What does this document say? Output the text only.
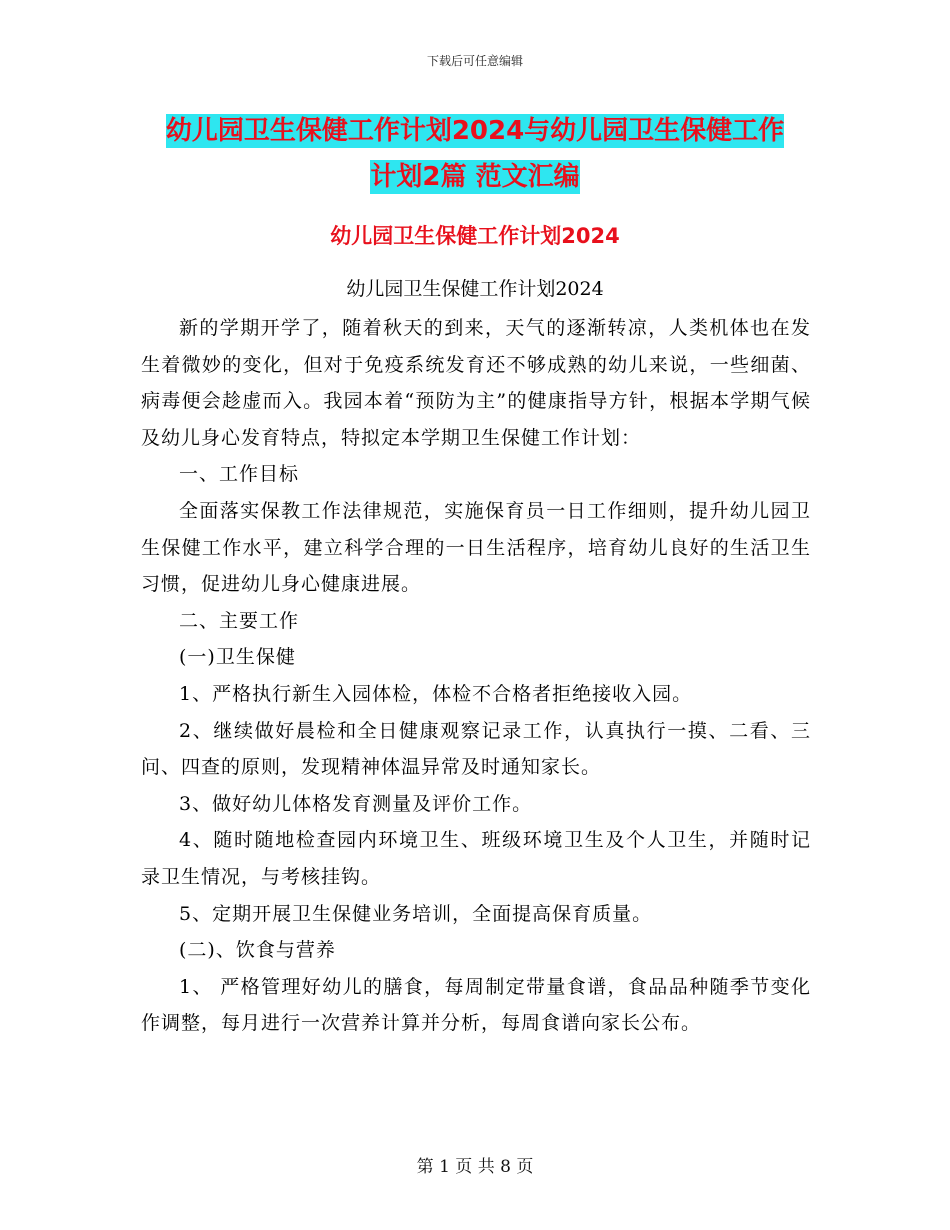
下载后可任意编辑
幼儿园卫生保健工作计划2024与幼儿园卫生保健工作
计划2篇 范文汇编
幼儿园卫生保健工作计划2024
幼儿园卫生保健工作计划2024

新的学期开学了，随着秋天的到来，天气的逐渐转凉，人类机体也在发生着微妙的变化，但对于免疫系统发育还不够成熟的幼儿来说，一些细菌、病毒便会趁虚而入。我园本着“预防为主”的健康指导方针，根据本学期气候及幼儿身心发育特点，特拟定本学期卫生保健工作计划：

一、工作目标

全面落实保教工作法律规范，实施保育员一日工作细则，提升幼儿园卫生保健工作水平，建立科学合理的一日生活程序，培育幼儿良好的生活卫生习惯，促进幼儿身心健康进展。

二、主要工作

(一)卫生保健

1、严格执行新生入园体检，体检不合格者拒绝接收入园。

2、继续做好晨检和全日健康观察记录工作，认真执行一摸、二看、三问、四查的原则，发现精神体温异常及时通知家长。

3、做好幼儿体格发育测量及评价工作。

4、随时随地检查园内环境卫生、班级环境卫生及个人卫生，并随时记录卫生情况，与考核挂钩。

5、定期开展卫生保健业务培训，全面提高保育质量。

(二)、饮食与营养

1、 严格管理好幼儿的膳食，每周制定带量食谱，食品品种随季节变化作调整，每月进行一次营养计算并分析，每周食谱向家长公布。

第 1 页 共 8 页
